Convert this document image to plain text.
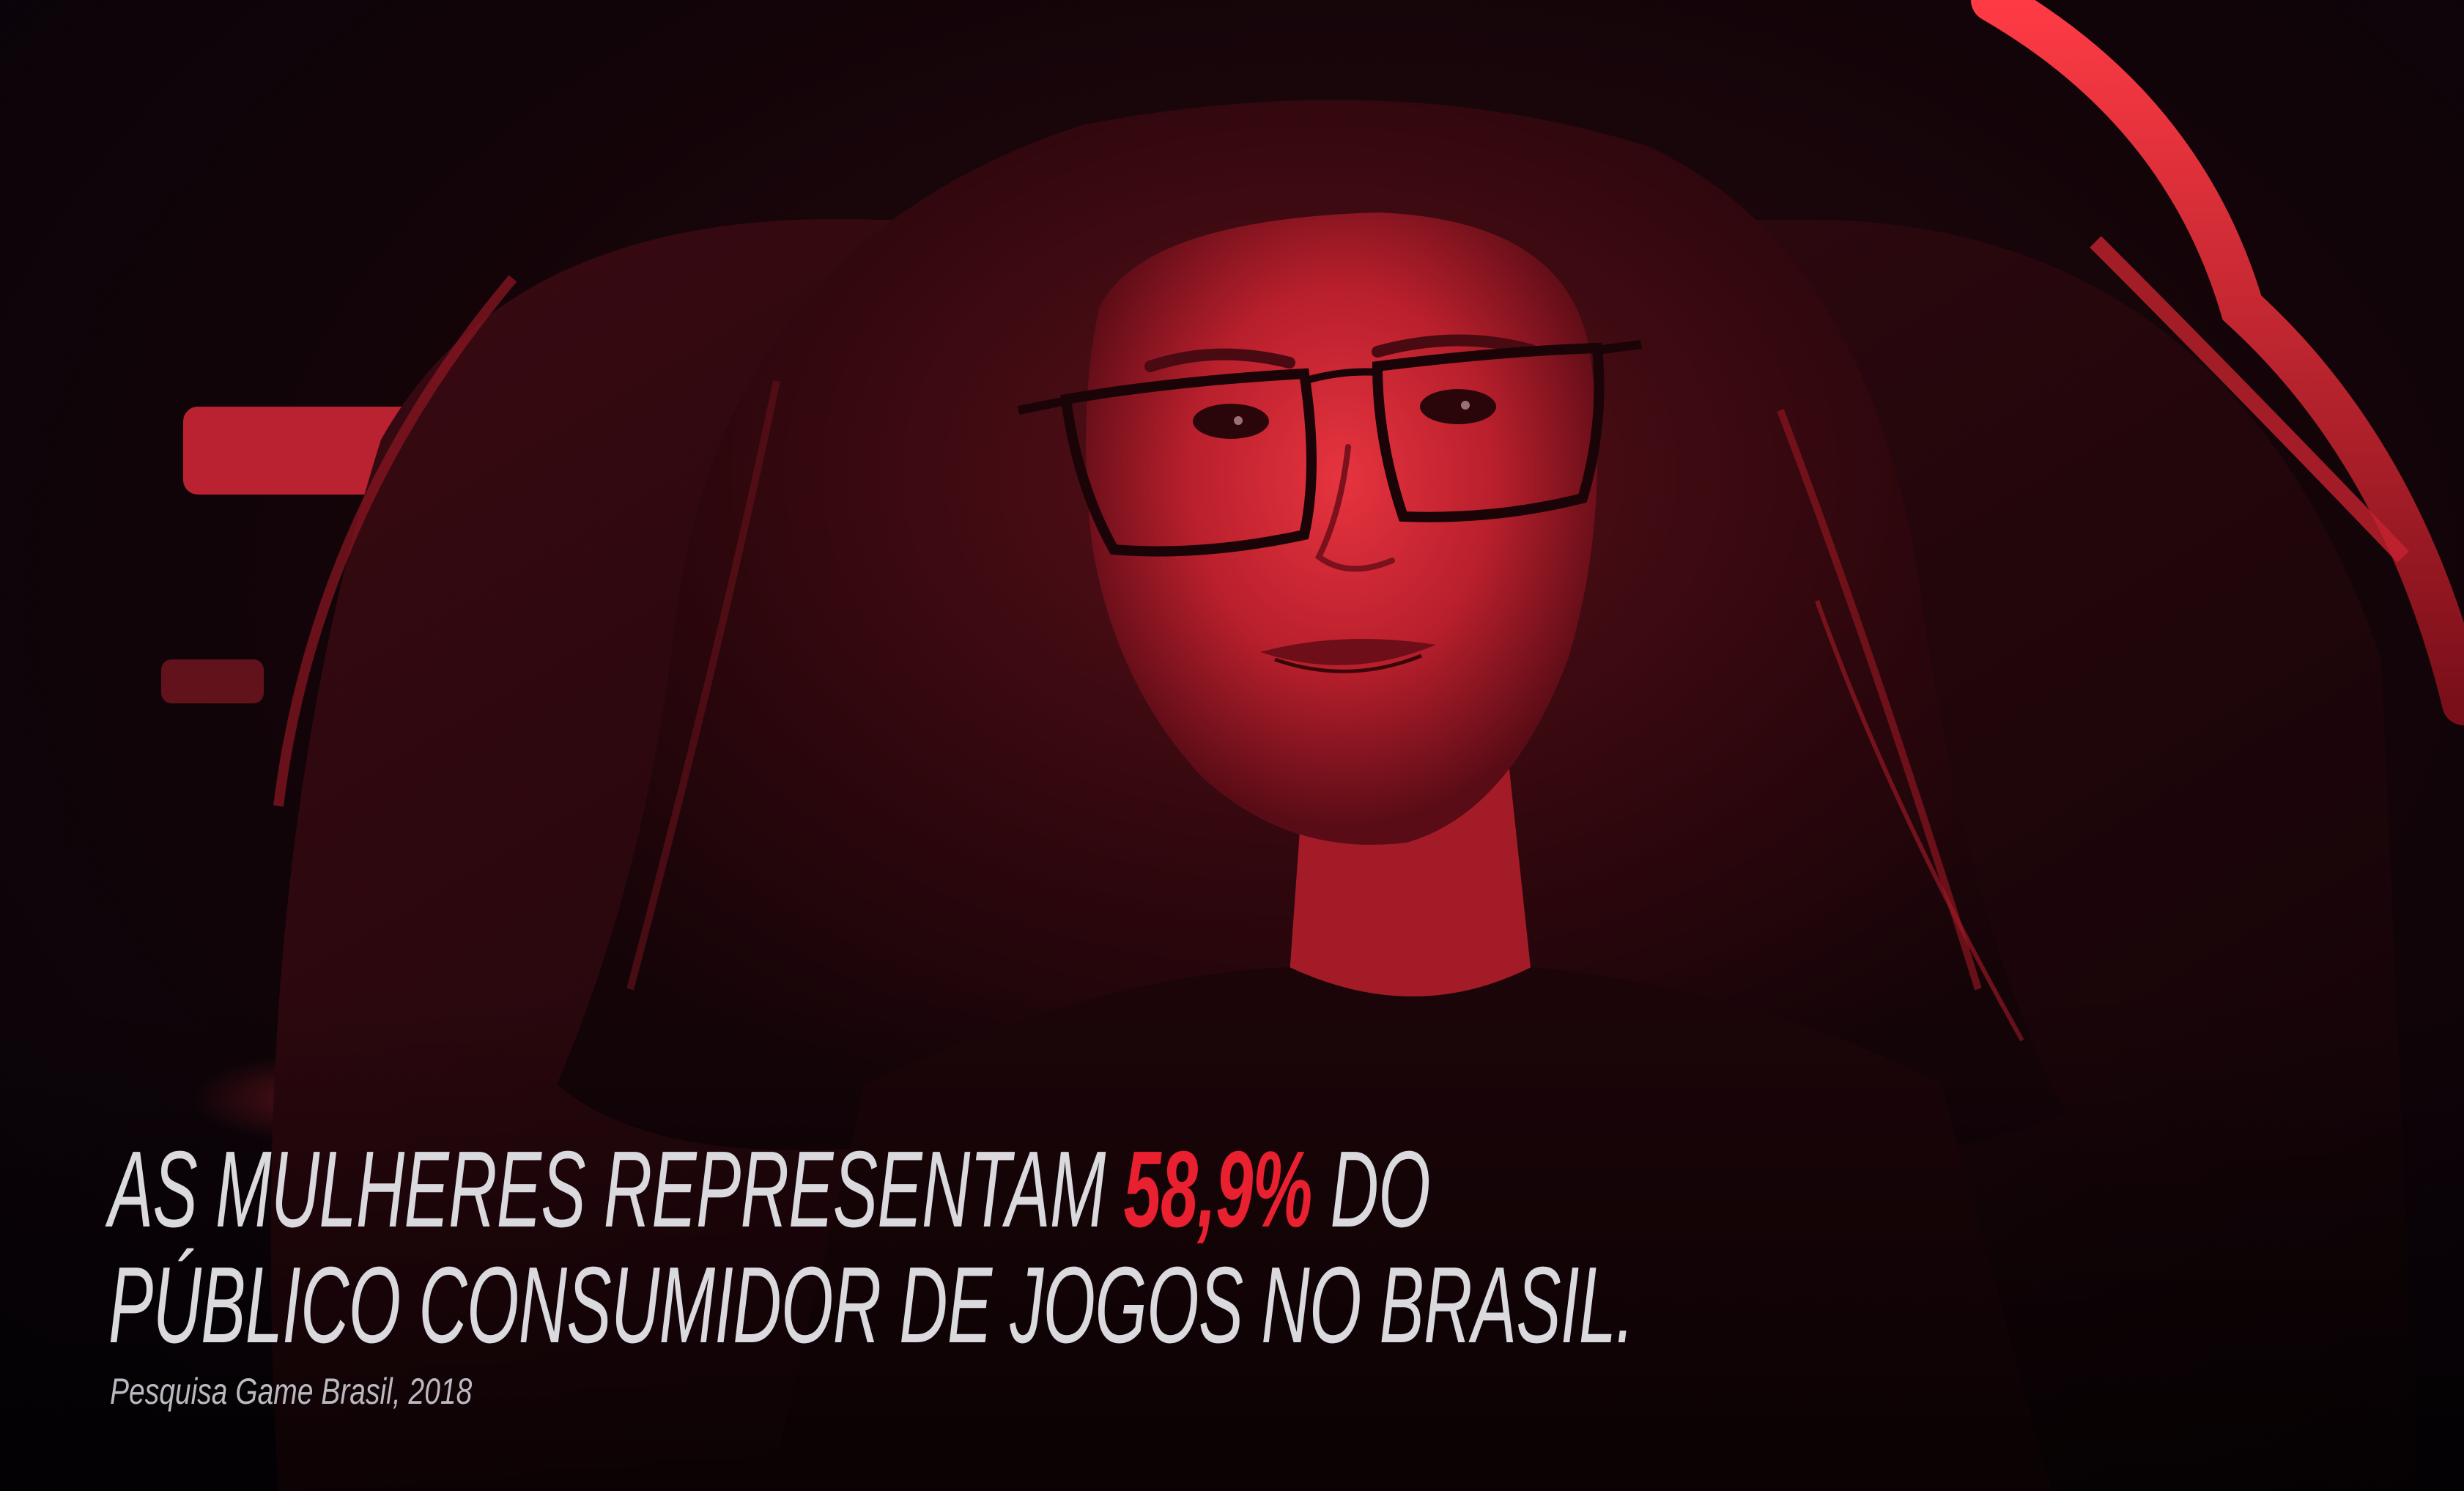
AS MULHERES REPRESENTAM 58,9% DO
PÚBLICO CONSUMIDOR DE JOGOS NO BRASIL.

Pesquisa Game Brasil, 2018
